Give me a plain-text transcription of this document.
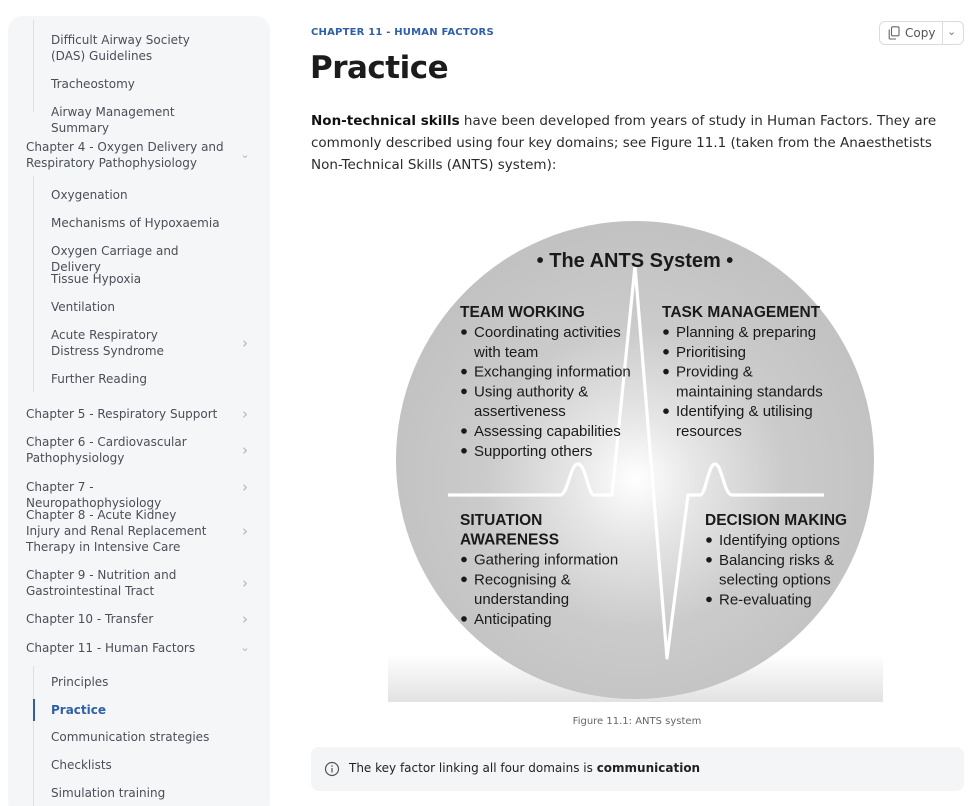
Difficult Airway Society
(DAS) Guidelines
Tracheostomy
Airway Management Summary
Chapter 4 - Oxygen Delivery and
Respiratory Pathophysiology
⌄
Oxygenation
Mechanisms of Hypoxaemia
Oxygen Carriage and Delivery
Tissue Hypoxia
Ventilation
Acute Respiratory
Distress Syndrome	›
Further Reading
Chapter 5 - Respiratory Support	›
Chapter 6 - Cardiovascular
Pathophysiology	›
Chapter 7 - Neuropathophysiology
›
Chapter 8 - Acute Kidney
Injury and Renal Replacement
Therapy in Intensive Care
›
Chapter 9 - Nutrition and
Gastrointestinal Tract	›
Chapter 10 - Transfer	›
Chapter 11 - Human Factors	⌄
Principles
Practice
Communication strategies
Checklists
Simulation training
CHAPTER 11 - HUMAN FACTORS	Copy ⌄
Practice

Non-technical skills have been developed from years of study in Human Factors. They are commonly described using four key domains; see Figure 11.1 (taken from the Anaesthetists Non-Technical Skills (ANTS) system):

• The ANTS System •
TEAM WORKING
Coordinating activities
with team
Exchanging information
Using authority &
assertiveness
Assessing capabilities
Supporting others
TASK MANAGEMENT
Planning & preparing
Prioritising
Providing &
maintaining standards
Identifying & utilising
resources
SITUATION
AWARENESS
Gathering information
Recognising &
understanding
Anticipating
DECISION MAKING
Identifying options
Balancing risks &
selecting options
Re-evaluating
Figure 11.1: ANTS system
The key factor linking all four domains is communication
